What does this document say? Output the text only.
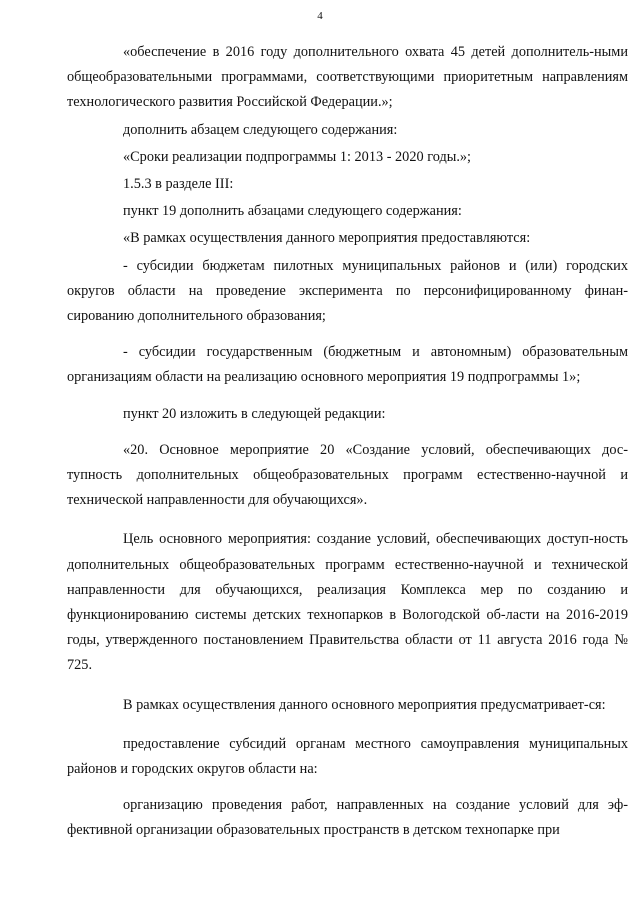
4

«обеспечение в 2016 году дополнительного охвата 45 детей дополнитель-ными общеобразовательными программами, соответствующими приоритетным направлениям технологического развития Российской Федерации.»;

дополнить абзацем следующего содержания:

«Сроки реализации подпрограммы 1: 2013 - 2020 годы.»;

1.5.3 в разделе III:

пункт 19 дополнить абзацами следующего содержания:

«В рамках осуществления данного мероприятия предоставляются:

- субсидии бюджетам пилотных муниципальных районов и (или) городских округов области на проведение эксперимента по персонифицированному финан-сированию дополнительного образования;

- субсидии государственным (бюджетным и автономным) образовательным организациям области на реализацию основного мероприятия 19 подпрограммы 1»;

пункт 20 изложить в следующей редакции:

«20. Основное мероприятие 20 «Создание условий, обеспечивающих дос-тупность дополнительных общеобразовательных программ естественно-научной и технической направленности для обучающихся».

Цель основного мероприятия: создание условий, обеспечивающих доступ-ность дополнительных общеобразовательных программ естественно-научной и технической направленности для обучающихся, реализация Комплекса мер по созданию и функционированию системы детских технопарков в Вологодской об-ласти на 2016-2019 годы, утвержденного постановлением Правительства области от 11 августа 2016 года № 725.

В рамках осуществления данного основного мероприятия предусматривает-ся:

предоставление субсидий органам местного самоуправления муниципальных районов и городских округов области на:

организацию проведения работ, направленных на создание условий для эф-фективной организации образовательных пространств в детском технопарке при
